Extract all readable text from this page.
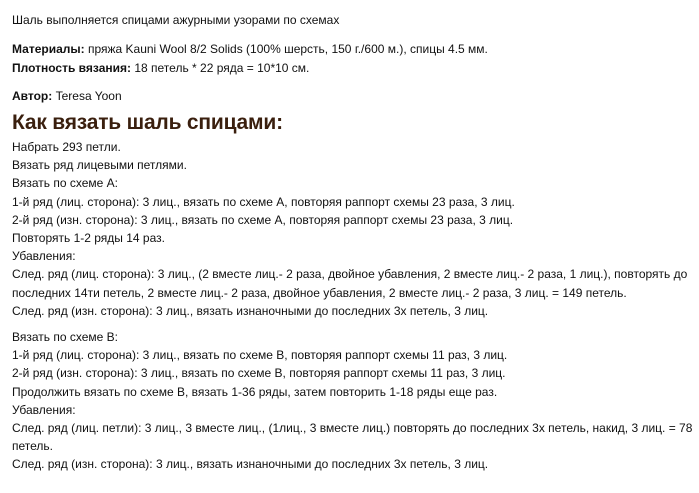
Шаль выполняется спицами ажурными узорами по схемах
Материалы: пряжа Kauni Wool 8/2 Solids (100% шерсть, 150 г./600 м.), спицы 4.5 мм.
Плотность вязания: 18 петель * 22 ряда = 10*10 см.
Автор: Teresa Yoon
Как вязать шаль спицами:
Набрать 293 петли.
Вязать ряд лицевыми петлями.
Вязать по схеме А:
1-й ряд (лиц. сторона): 3 лиц., вязать по схеме А, повторяя раппорт схемы 23 раза, 3 лиц.
2-й ряд (изн. сторона): 3 лиц., вязать по схеме А, повторяя раппорт схемы 23 раза, 3 лиц.
Повторять 1-2 ряды 14 раз.
Убавления:
След. ряд (лиц. сторона): 3 лиц., (2 вместе лиц.- 2 раза, двойное убавления, 2 вместе лиц.- 2 раза, 1 лиц.), повторять до последних 14ти петель, 2 вместе лиц.- 2 раза, двойное убавления, 2 вместе лиц.- 2 раза, 3 лиц. = 149 петель.
След. ряд (изн. сторона): 3 лиц., вязать изнаночными до последних 3х петель, 3 лиц.
Вязать по схеме В:
1-й ряд (лиц. сторона): 3 лиц., вязать по схеме В, повторяя раппорт схемы 11 раз, 3 лиц.
2-й ряд (изн. сторона): 3 лиц., вязать по схеме В, повторяя раппорт схемы 11 раз, 3 лиц.
Продолжить вязать по схеме В, вязать 1-36 ряды, затем повторить 1-18 ряды еще раз.
Убавления:
След. ряд (лиц. петли): 3 лиц., 3 вместе лиц., (1лиц., 3 вместе лиц.) повторять до последних 3х петель, накид, 3 лиц. = 78 петель.
След. ряд (изн. сторона): 3 лиц., вязать изнаночными до последних 3х петель, 3 лиц.
